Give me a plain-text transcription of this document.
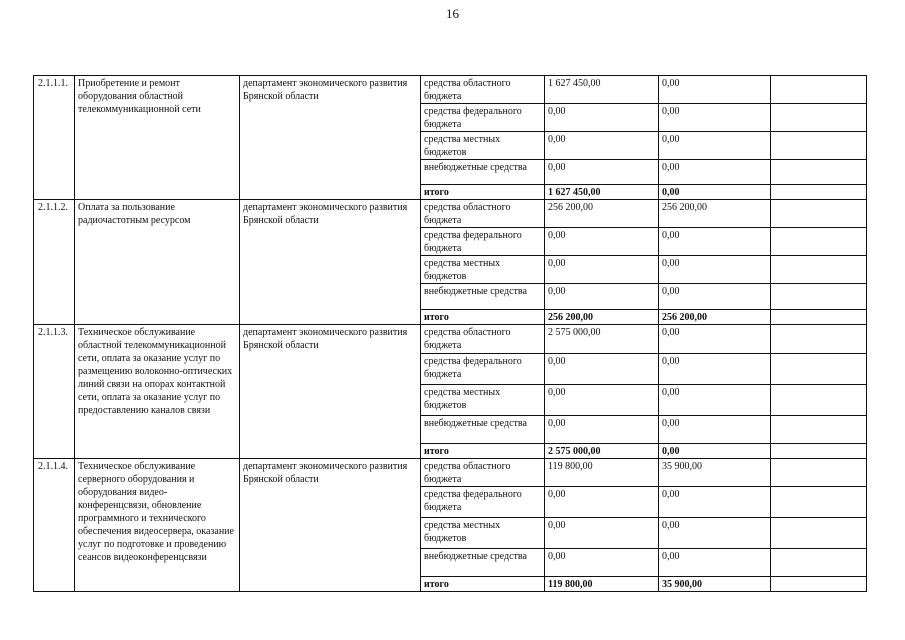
16
2.1.1.1.	Приобретение и ремонт оборудования областной телекоммуникационной сети	департамент экономического развития Брянской области	средства областного бюджета	1 627 450,00	0,00	
			средства федерального бюджета	0,00	0,00	
			средства местных бюджетов	0,00	0,00	
			внебюджетные средства	0,00	0,00	
			итого	1 627 450,00	0,00	
2.1.1.2.	Оплата за пользование радиочастотным ресурсом	департамент экономического развития Брянской области	средства областного бюджета	256 200,00	256 200,00	
			средства федерального бюджета	0,00	0,00	
			средства местных бюджетов	0,00	0,00	
			внебюджетные средства	0,00	0,00	
			итого	256 200,00	256 200,00	
2.1.1.3.	Техническое обслуживание областной телекоммуникационной сети, оплата за оказание услуг по размещению волоконно-оптических линий связи на опорах контактной сети, оплата за оказание услуг по предоставлению каналов связи	департамент экономического развития Брянской области	средства областного бюджета	2 575 000,00	0,00	
			средства федерального бюджета	0,00	0,00	
			средства местных бюджетов	0,00	0,00	
			внебюджетные средства	0,00	0,00	
			итого	2 575 000,00	0,00	
2.1.1.4.	Техническое обслуживание серверного оборудования и оборудования видео-конференцсвязи, обновление программного и технического обеспечения видеосервера, оказание услуг по подготовке и проведению сеансов видеоконференцсвязи	департамент экономического развития Брянской области	средства областного бюджета	119 800,00	35 900,00	
			средства федерального бюджета	0,00	0,00	
			средства местных бюджетов	0,00	0,00	
			внебюджетные средства	0,00	0,00	
			итого	119 800,00	35 900,00	
